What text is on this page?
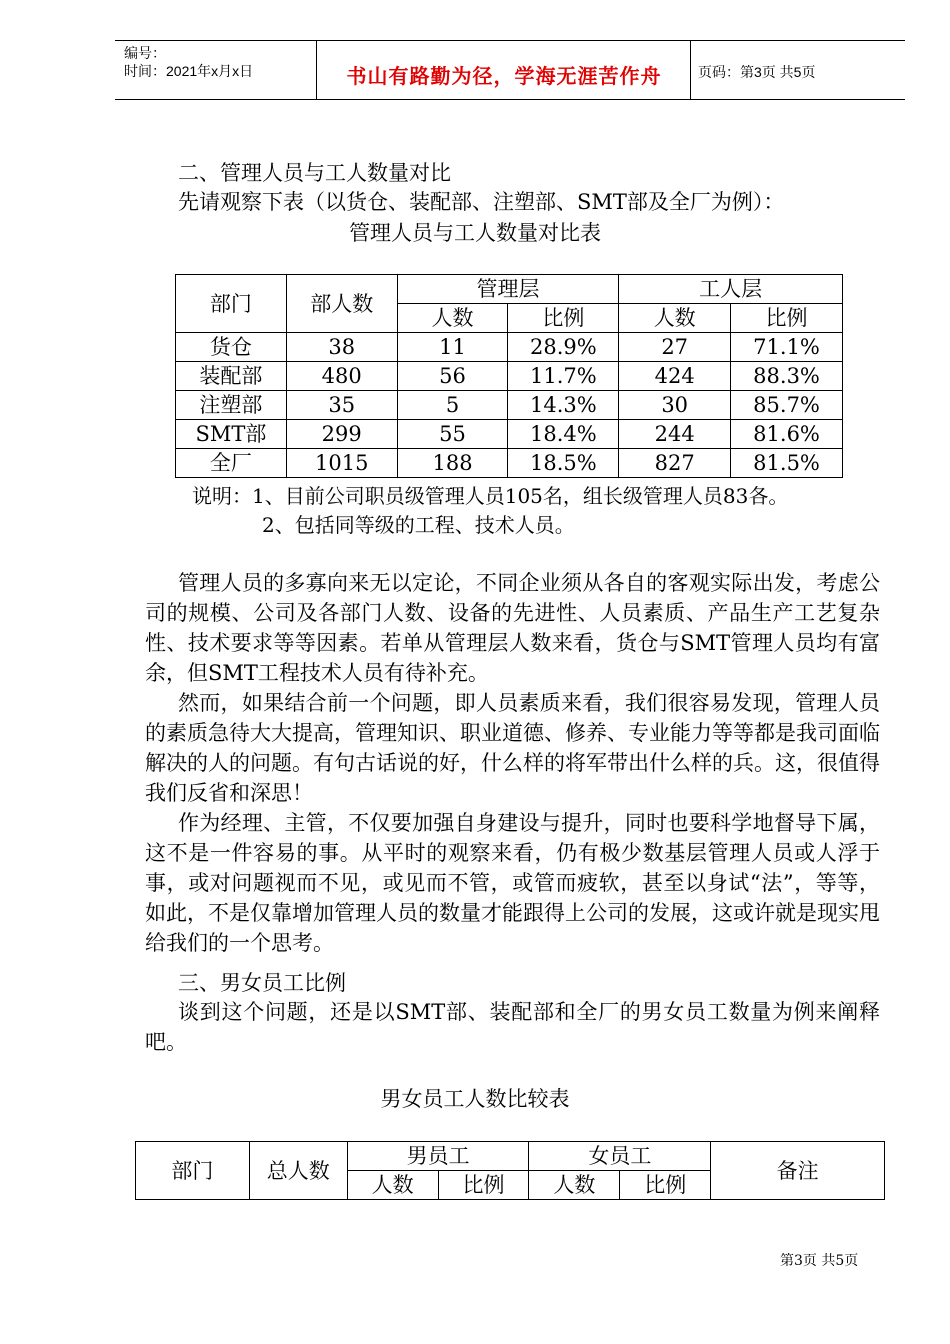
编号：
时间：2021年x月x日	书山有路勤为径，学海无涯苦作舟	页码：第3页 共5页
二、管理人员与工人数量对比
先请观察下表（以货仓、装配部、注塑部、SMT部及全厂为例）：
管理人员与工人数量对比表
部门	部人数	管理层		工人层	
		人数	比例	人数	比例
货仓	38	11	28.9%	27	71.1%
装配部	480	56	11.7%	424	88.3%
注塑部	35	5	14.3%	30	85.7%
SMT部	299	55	18.4%	244	81.6%
全厂	1015	188	18.5%	827	81.5%
说明：1、目前公司职员级管理人员105名，组长级管理人员83各。
2、包括同等级的工程、技术人员。

管理人员的多寡向来无以定论，不同企业须从各自的客观实际出发，考虑公司的规模、公司及各部门人数、设备的先进性、人员素质、产品生产工艺复杂性、技术要求等等因素。若单从管理层人数来看，货仓与SMT管理人员均有富余，但SMT工程技术人员有待补充。

然而，如果结合前一个问题，即人员素质来看，我们很容易发现，管理人员的素质急待大大提高，管理知识、职业道德、修养、专业能力等等都是我司面临解决的人的问题。有句古话说的好，什么样的将军带出什么样的兵。这，很值得我们反省和深思！

作为经理、主管，不仅要加强自身建设与提升，同时也要科学地督导下属，这不是一件容易的事。从平时的观察来看，仍有极少数基层管理人员或人浮于事，或对问题视而不见，或见而不管，或管而疲软，甚至以身试“法”，等等，如此，不是仅靠增加管理人员的数量才能跟得上公司的发展，这或许就是现实甩给我们的一个思考。

三、男女员工比例

谈到这个问题，还是以SMT部、装配部和全厂的男女员工数量为例来阐释吧。

男女员工人数比较表
部门	总人数	男员工		女员工		备注
		人数	比例	人数	比例	
第3页 共5页
